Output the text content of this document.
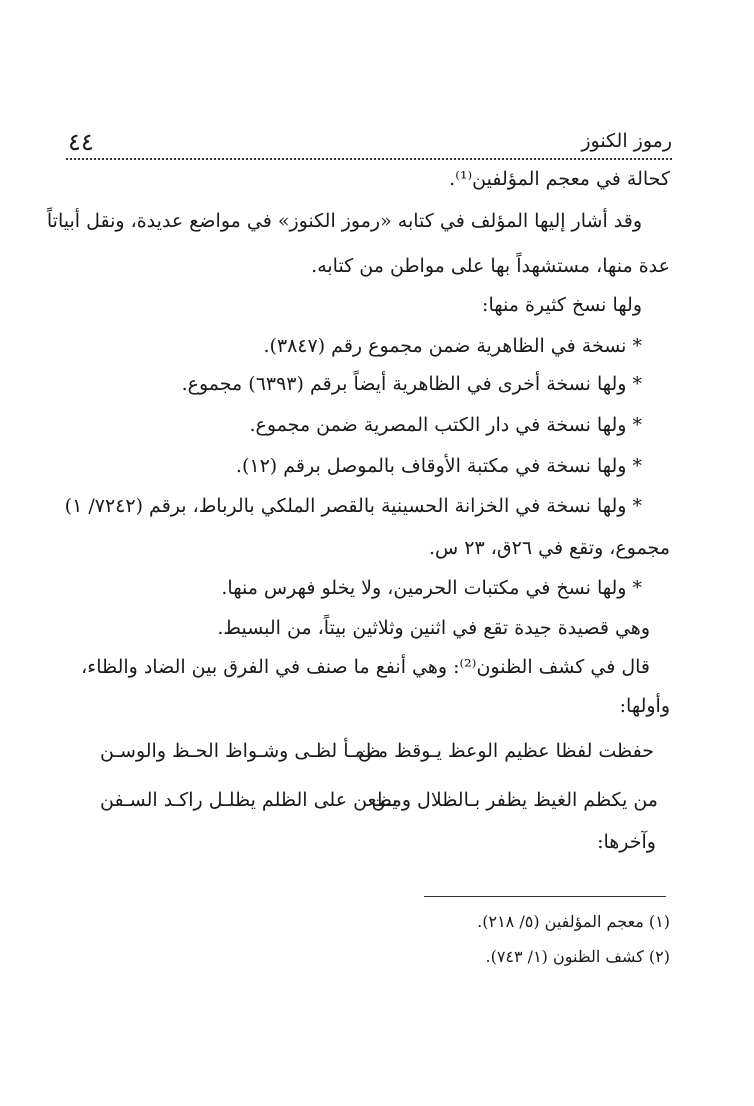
رموز الكنوز
٤٤
كحالة في معجم المؤلفين⁽¹⁾.
وقد أشار إليها المؤلف في كتابه «رموز الكنوز» في مواضع عديدة، ونقل أبياتاً
عدة منها، مستشهداً بها على مواطن من كتابه.
ولها نسخ كثيرة منها:
* نسخة في الظاهرية ضمن مجموع رقم (٣٨٤٧).
* ولها نسخة أخرى في الظاهرية أيضاً برقم (٦٣٩٣) مجموع.
* ولها نسخة في دار الكتب المصرية ضمن مجموع.
* ولها نسخة في مكتبة الأوقاف بالموصل برقم (١٢).
* ولها نسخة في الخزانة الحسينية بالقصر الملكي بالرباط، برقم (٧٢٤٢/ ١)
مجموع، وتقع في ٢٦ق، ٢٣ س.
* ولها نسخ في مكتبات الحرمين، ولا يخلو فهرس منها.
وهي قصيدة جيدة تقع في اثنين وثلاثين بيتاً، من البسيط.
قال في كشف الظنون⁽²⁾: وهي أنفع ما صنف في الفرق بين الضاد والظاء،
وأولها:
حفظت لفظا عظيم الوعظ يـوقظ مـن
ظمـأ لظـى وشـواظ الحـظ والوسـن
من يكظم الغيظ يظفر بـالظلال ومـن
يظعن على الظلم يظلـل راكـد السـفن
وآخرها:
(١) معجم المؤلفين (٥/ ٢١٨).
(٢) كشف الظنون (١/ ٧٤٣).
